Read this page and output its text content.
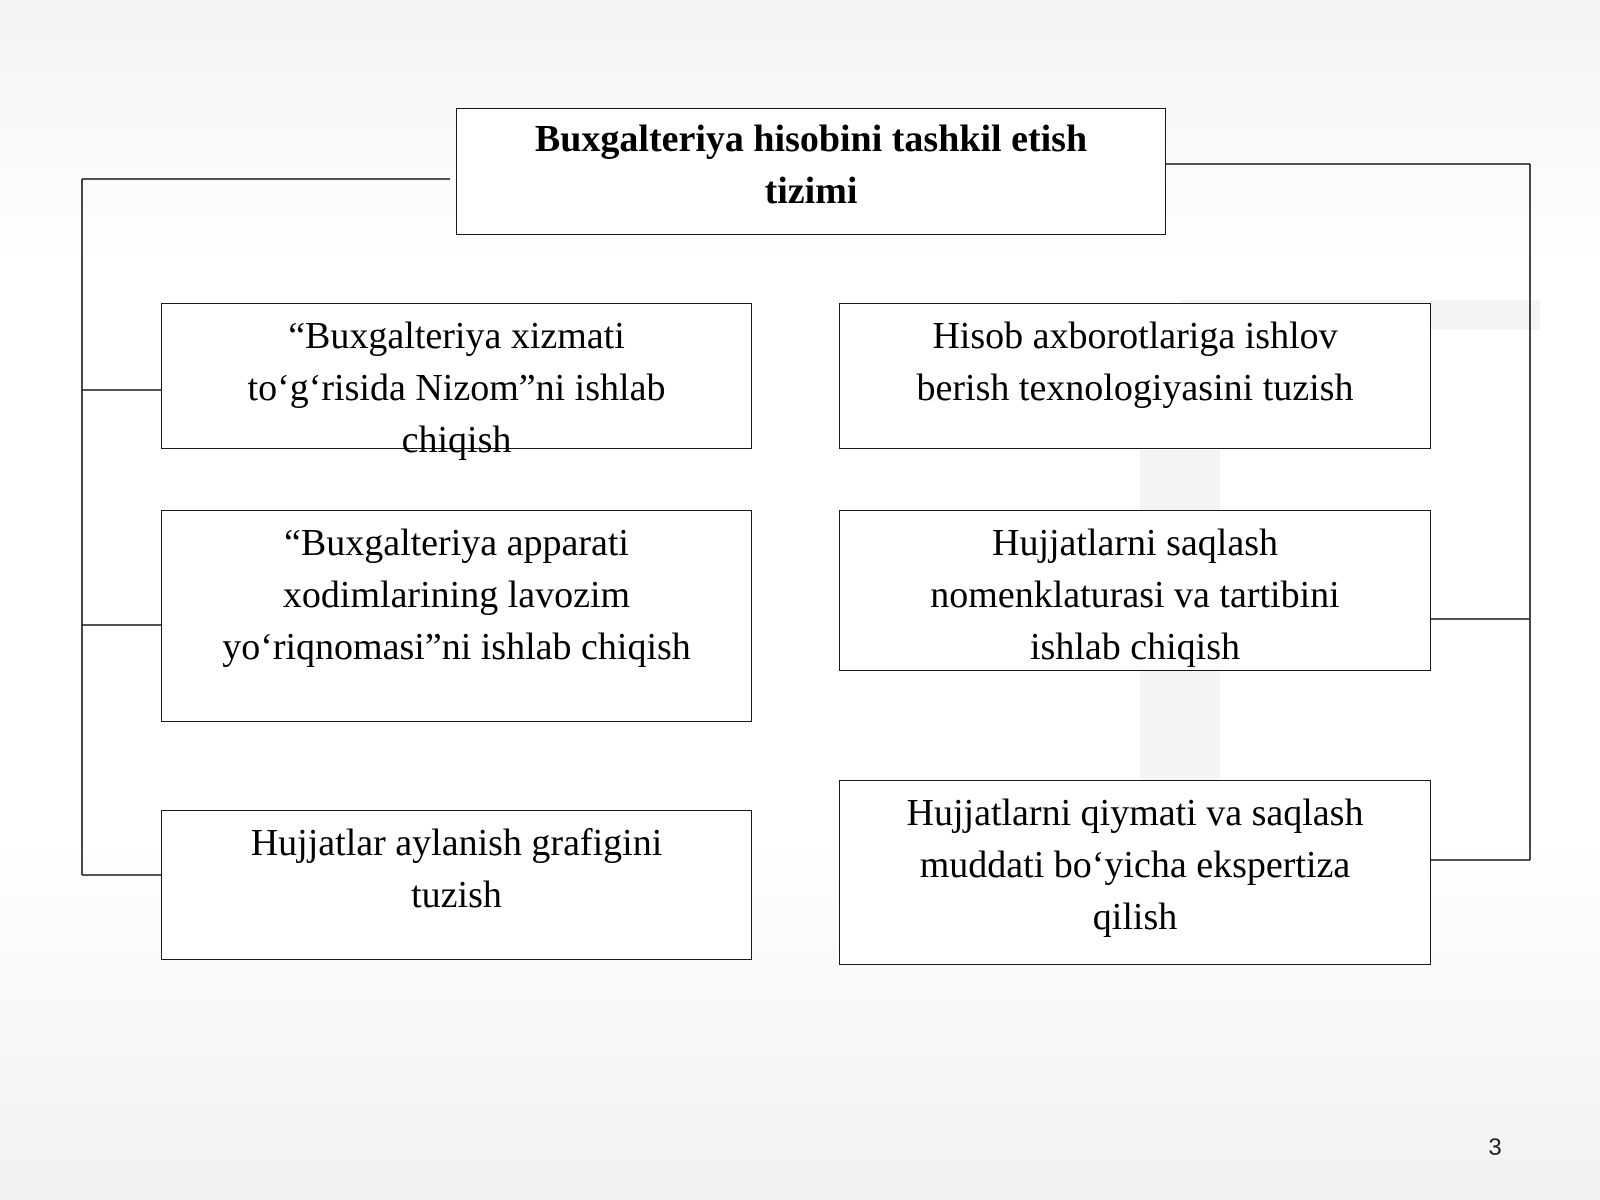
Buxgalteriya hisobini tashkil etish
tizimi
“Buxgalteriya xizmati
to‘g‘risida Nizom”ni ishlab
chiqish
“Buxgalteriya apparati
xodimlarining lavozim
yo‘riqnomasi”ni ishlab chiqish
Hujjatlar aylanish grafigini
tuzish
Hisob axborotlariga ishlov
berish texnologiyasini tuzish
Hujjatlarni saqlash
nomenklaturasi va tartibini
ishlab chiqish
Hujjatlarni qiymati va saqlash
muddati bo‘yicha ekspertiza
qilish
3
